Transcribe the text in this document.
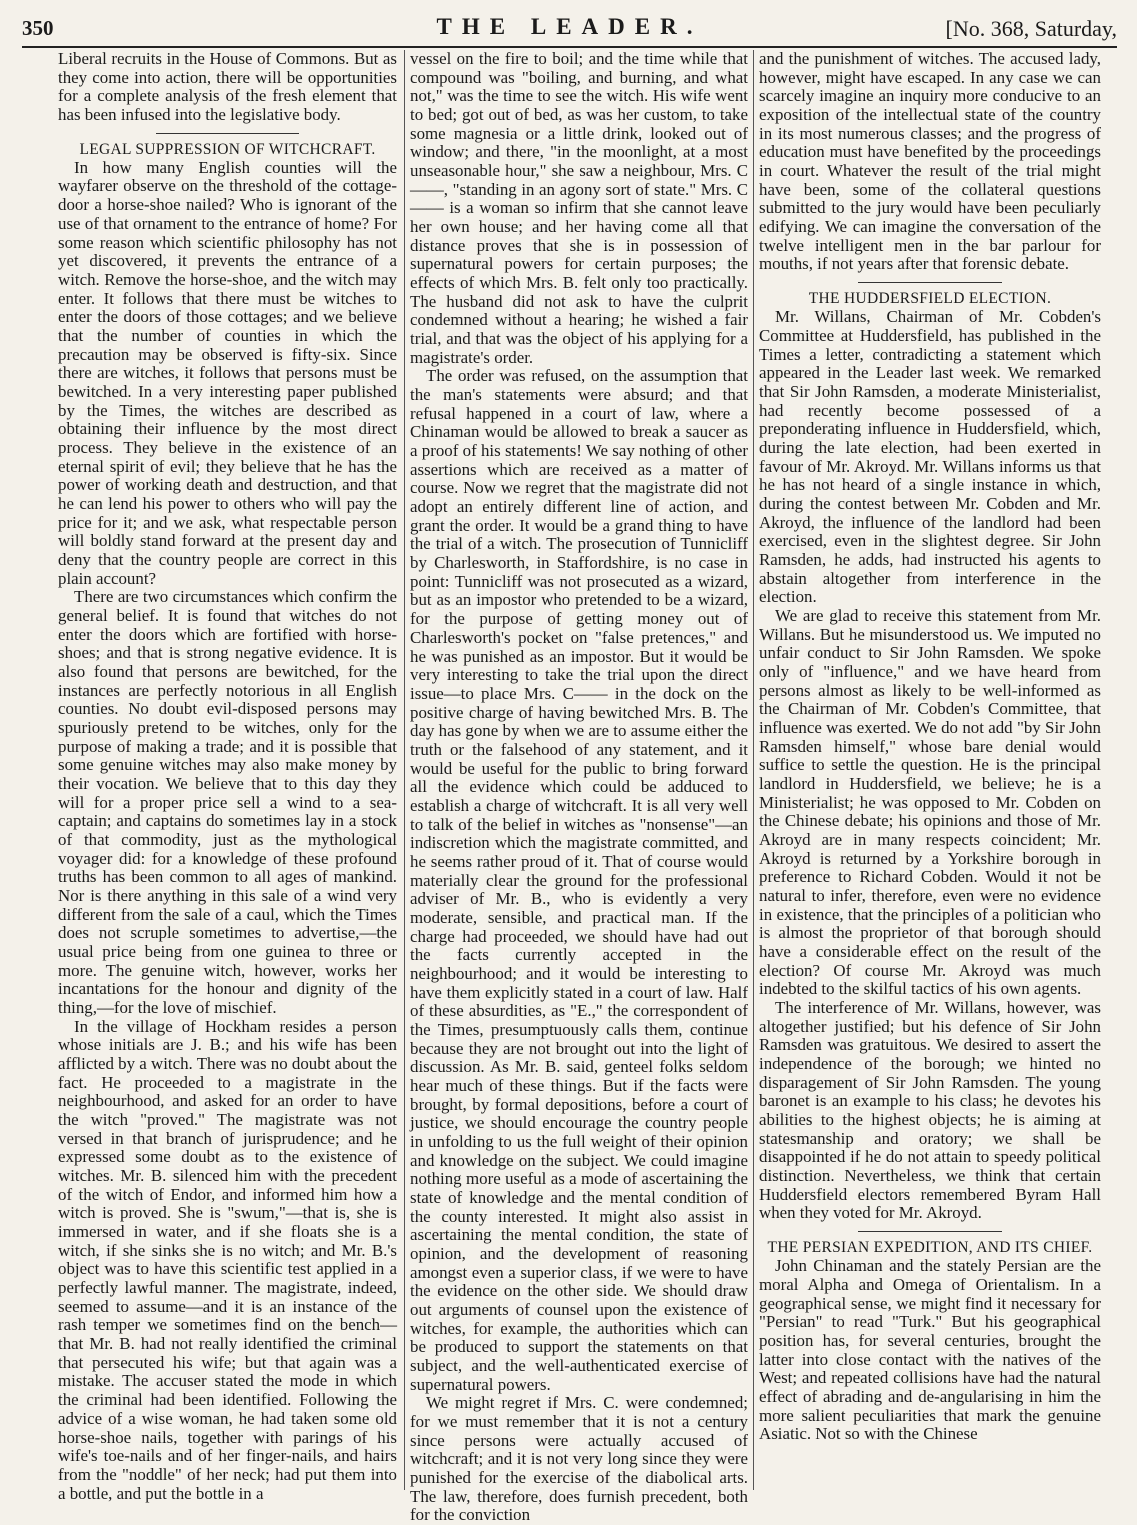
350	THE LEADER.	[No. 368, Saturday,

Liberal recruits in the House of Commons. But as they come into action, there will be opportunities for a complete analysis of the fresh element that has been infused into the legislative body.

LEGAL SUPPRESSION OF WITCHCRAFT.

In how many English counties will the wayfarer observe on the threshold of the cottage-door a horse-shoe nailed? Who is ignorant of the use of that ornament to the entrance of home? For some reason which scientific philosophy has not yet discovered, it prevents the entrance of a witch. Remove the horse-shoe, and the witch may enter. It follows that there must be witches to enter the doors of those cottages; and we believe that the number of counties in which the precaution may be observed is fifty-six. Since there are witches, it follows that persons must be bewitched. In a very interesting paper published by the Times, the witches are described as obtaining their influence by the most direct process. They believe in the existence of an eternal spirit of evil; they believe that he has the power of working death and destruction, and that he can lend his power to others who will pay the price for it; and we ask, what respectable person will boldly stand forward at the present day and deny that the country people are correct in this plain account?

There are two circumstances which confirm the general belief. It is found that witches do not enter the doors which are fortified with horse-shoes; and that is strong negative evidence. It is also found that persons are bewitched, for the instances are perfectly notorious in all English counties. No doubt evil-disposed persons may spuriously pretend to be witches, only for the purpose of making a trade; and it is possible that some genuine witches may also make money by their vocation. We believe that to this day they will for a proper price sell a wind to a sea-captain; and captains do sometimes lay in a stock of that commodity, just as the mythological voyager did: for a knowledge of these profound truths has been common to all ages of mankind. Nor is there anything in this sale of a wind very different from the sale of a caul, which the Times does not scruple sometimes to advertise,—the usual price being from one guinea to three or more. The genuine witch, however, works her incantations for the honour and dignity of the thing,—for the love of mischief.

In the village of Hockham resides a person whose initials are J. B.; and his wife has been afflicted by a witch. There was no doubt about the fact. He proceeded to a magistrate in the neighbourhood, and asked for an order to have the witch "proved." The magistrate was not versed in that branch of jurisprudence; and he expressed some doubt as to the existence of witches. Mr. B. silenced him with the precedent of the witch of Endor, and informed him how a witch is proved. She is "swum,"—that is, she is immersed in water, and if she floats she is a witch, if she sinks she is no witch; and Mr. B.'s object was to have this scientific test applied in a perfectly lawful manner. The magistrate, indeed, seemed to assume—and it is an instance of the rash temper we sometimes find on the bench—that Mr. B. had not really identified the criminal that persecuted his wife; but that again was a mistake. The accuser stated the mode in which the criminal had been identified. Following the advice of a wise woman, he had taken some old horse-shoe nails, together with parings of his wife's toe-nails and of her finger-nails, and hairs from the "noddle" of her neck; had put them into a bottle, and put the bottle in a

vessel on the fire to boil; and the time while that compound was "boiling, and burning, and what not," was the time to see the witch. His wife went to bed; got out of bed, as was her custom, to take some magnesia or a little drink, looked out of window; and there, "in the moonlight, at a most unseasonable hour," she saw a neighbour, Mrs. C——, "standing in an agony sort of state." Mrs. C—— is a woman so infirm that she cannot leave her own house; and her having come all that distance proves that she is in possession of supernatural powers for certain purposes; the effects of which Mrs. B. felt only too practically. The husband did not ask to have the culprit condemned without a hearing; he wished a fair trial, and that was the object of his applying for a magistrate's order.

The order was refused, on the assumption that the man's statements were absurd; and that refusal happened in a court of law, where a Chinaman would be allowed to break a saucer as a proof of his statements! We say nothing of other assertions which are received as a matter of course. Now we regret that the magistrate did not adopt an entirely different line of action, and grant the order. It would be a grand thing to have the trial of a witch. The prosecution of Tunnicliff by Charlesworth, in Staffordshire, is no case in point: Tunnicliff was not prosecuted as a wizard, but as an impostor who pretended to be a wizard, for the purpose of getting money out of Charlesworth's pocket on "false pretences," and he was punished as an impostor. But it would be very interesting to take the trial upon the direct issue—to place Mrs. C—— in the dock on the positive charge of having bewitched Mrs. B. The day has gone by when we are to assume either the truth or the falsehood of any statement, and it would be useful for the public to bring forward all the evidence which could be adduced to establish a charge of witchcraft. It is all very well to talk of the belief in witches as "nonsense"—an indiscretion which the magistrate committed, and he seems rather proud of it. That of course would materially clear the ground for the professional adviser of Mr. B., who is evidently a very moderate, sensible, and practical man. If the charge had proceeded, we should have had out the facts currently accepted in the neighbourhood; and it would be interesting to have them explicitly stated in a court of law. Half of these absurdities, as "E.," the correspondent of the Times, presumptuously calls them, continue because they are not brought out into the light of discussion. As Mr. B. said, genteel folks seldom hear much of these things. But if the facts were brought, by formal depositions, before a court of justice, we should encourage the country people in unfolding to us the full weight of their opinion and knowledge on the subject. We could imagine nothing more useful as a mode of ascertaining the state of knowledge and the mental condition of the county interested. It might also assist in ascertaining the mental condition, the state of opinion, and the development of reasoning amongst even a superior class, if we were to have the evidence on the other side. We should draw out arguments of counsel upon the existence of witches, for example, the authorities which can be produced to support the statements on that subject, and the well-authenticated exercise of supernatural powers.

We might regret if Mrs. C. were condemned; for we must remember that it is not a century since persons were actually accused of witchcraft; and it is not very long since they were punished for the exercise of the diabolical arts. The law, therefore, does furnish precedent, both for the conviction

and the punishment of witches. The accused lady, however, might have escaped. In any case we can scarcely imagine an inquiry more conducive to an exposition of the intellectual state of the country in its most numerous classes; and the progress of education must have benefited by the proceedings in court. Whatever the result of the trial might have been, some of the collateral questions submitted to the jury would have been peculiarly edifying. We can imagine the conversation of the twelve intelligent men in the bar parlour for mouths, if not years after that forensic debate.

THE HUDDERSFIELD ELECTION.

Mr. Willans, Chairman of Mr. Cobden's Committee at Huddersfield, has published in the Times a letter, contradicting a statement which appeared in the Leader last week. We remarked that Sir John Ramsden, a moderate Ministerialist, had recently become possessed of a preponderating influence in Huddersfield, which, during the late election, had been exerted in favour of Mr. Akroyd. Mr. Willans informs us that he has not heard of a single instance in which, during the contest between Mr. Cobden and Mr. Akroyd, the influence of the landlord had been exercised, even in the slightest degree. Sir John Ramsden, he adds, had instructed his agents to abstain altogether from interference in the election.

We are glad to receive this statement from Mr. Willans. But he misunderstood us. We imputed no unfair conduct to Sir John Ramsden. We spoke only of "influence," and we have heard from persons almost as likely to be well-informed as the Chairman of Mr. Cobden's Committee, that influence was exerted. We do not add "by Sir John Ramsden himself," whose bare denial would suffice to settle the question. He is the principal landlord in Huddersfield, we believe; he is a Ministerialist; he was opposed to Mr. Cobden on the Chinese debate; his opinions and those of Mr. Akroyd are in many respects coincident; Mr. Akroyd is returned by a Yorkshire borough in preference to Richard Cobden. Would it not be natural to infer, therefore, even were no evidence in existence, that the principles of a politician who is almost the proprietor of that borough should have a considerable effect on the result of the election? Of course Mr. Akroyd was much indebted to the skilful tactics of his own agents.

The interference of Mr. Willans, however, was altogether justified; but his defence of Sir John Ramsden was gratuitous. We desired to assert the independence of the borough; we hinted no disparagement of Sir John Ramsden. The young baronet is an example to his class; he devotes his abilities to the highest objects; he is aiming at statesmanship and oratory; we shall be disappointed if he do not attain to speedy political distinction. Nevertheless, we think that certain Huddersfield electors remembered Byram Hall when they voted for Mr. Akroyd.

THE PERSIAN EXPEDITION, AND ITS CHIEF.

John Chinaman and the stately Persian are the moral Alpha and Omega of Orientalism. In a geographical sense, we might find it necessary for "Persian" to read "Turk." But his geographical position has, for several centuries, brought the latter into close contact with the natives of the West; and repeated collisions have had the natural effect of abrading and de-angularising in him the more salient peculiarities that mark the genuine Asiatic. Not so with the Chinese
